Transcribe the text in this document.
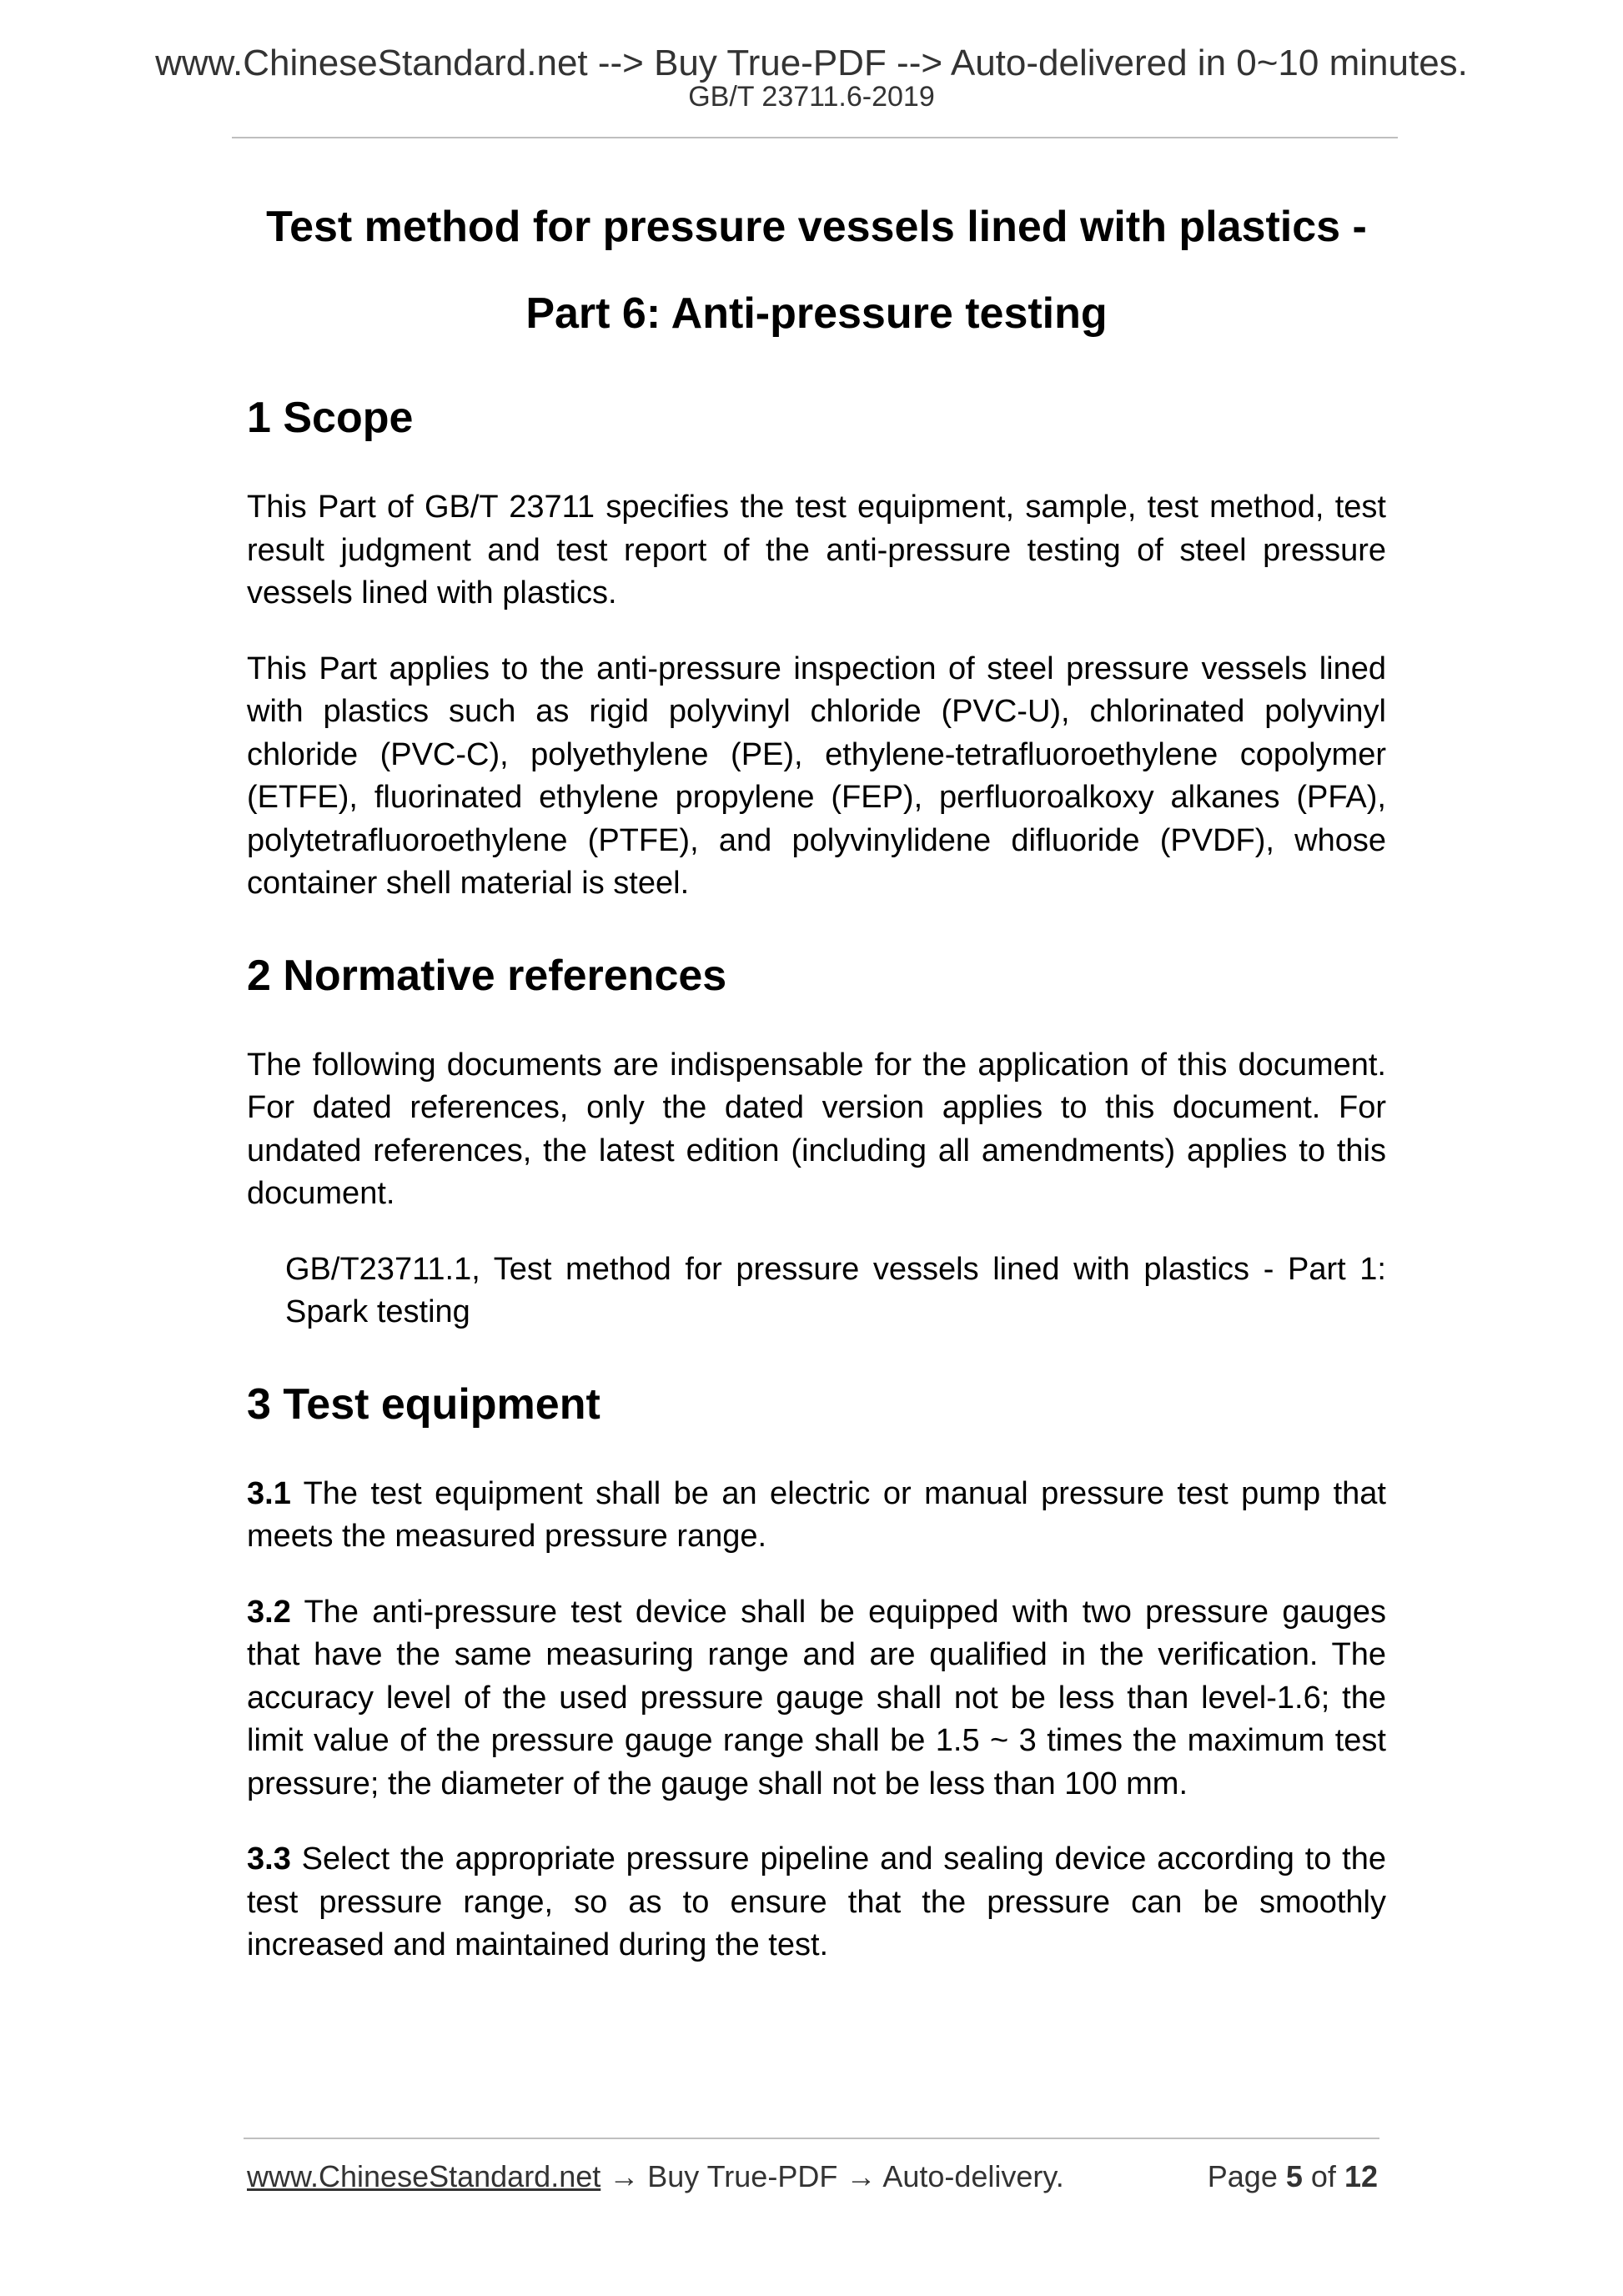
www.ChineseStandard.net --> Buy True-PDF --> Auto-delivered in 0~10 minutes.
GB/T 23711.6-2019
Test method for pressure vessels lined with plastics -
Part 6: Anti-pressure testing
1 Scope

This Part of GB/T 23711 specifies the test equipment, sample, test method, test result judgment and test report of the anti-pressure testing of steel pressure vessels lined with plastics.

This Part applies to the anti-pressure inspection of steel pressure vessels lined with plastics such as rigid polyvinyl chloride (PVC-U), chlorinated polyvinyl chloride (PVC-C), polyethylene (PE), ethylene-tetrafluoroethylene copolymer (ETFE), fluorinated ethylene propylene (FEP), perfluoroalkoxy alkanes (PFA), polytetrafluoroethylene (PTFE), and polyvinylidene difluoride (PVDF), whose container shell material is steel.

2 Normative references

The following documents are indispensable for the application of this document. For dated references, only the dated version applies to this document. For undated references, the latest edition (including all amendments) applies to this document.

GB/T23711.1, Test method for pressure vessels lined with plastics - Part 1: Spark testing

3 Test equipment

3.1 The test equipment shall be an electric or manual pressure test pump that meets the measured pressure range.

3.2 The anti-pressure test device shall be equipped with two pressure gauges that have the same measuring range and are qualified in the verification. The accuracy level of the used pressure gauge shall not be less than level-1.6; the limit value of the pressure gauge range shall be 1.5 ~ 3 times the maximum test pressure; the diameter of the gauge shall not be less than 100 mm.

3.3 Select the appropriate pressure pipeline and sealing device according to the test pressure range, so as to ensure that the pressure can be smoothly increased and maintained during the test.

www.ChineseStandard.net → Buy True-PDF → Auto-delivery.	Page 5 of 12
